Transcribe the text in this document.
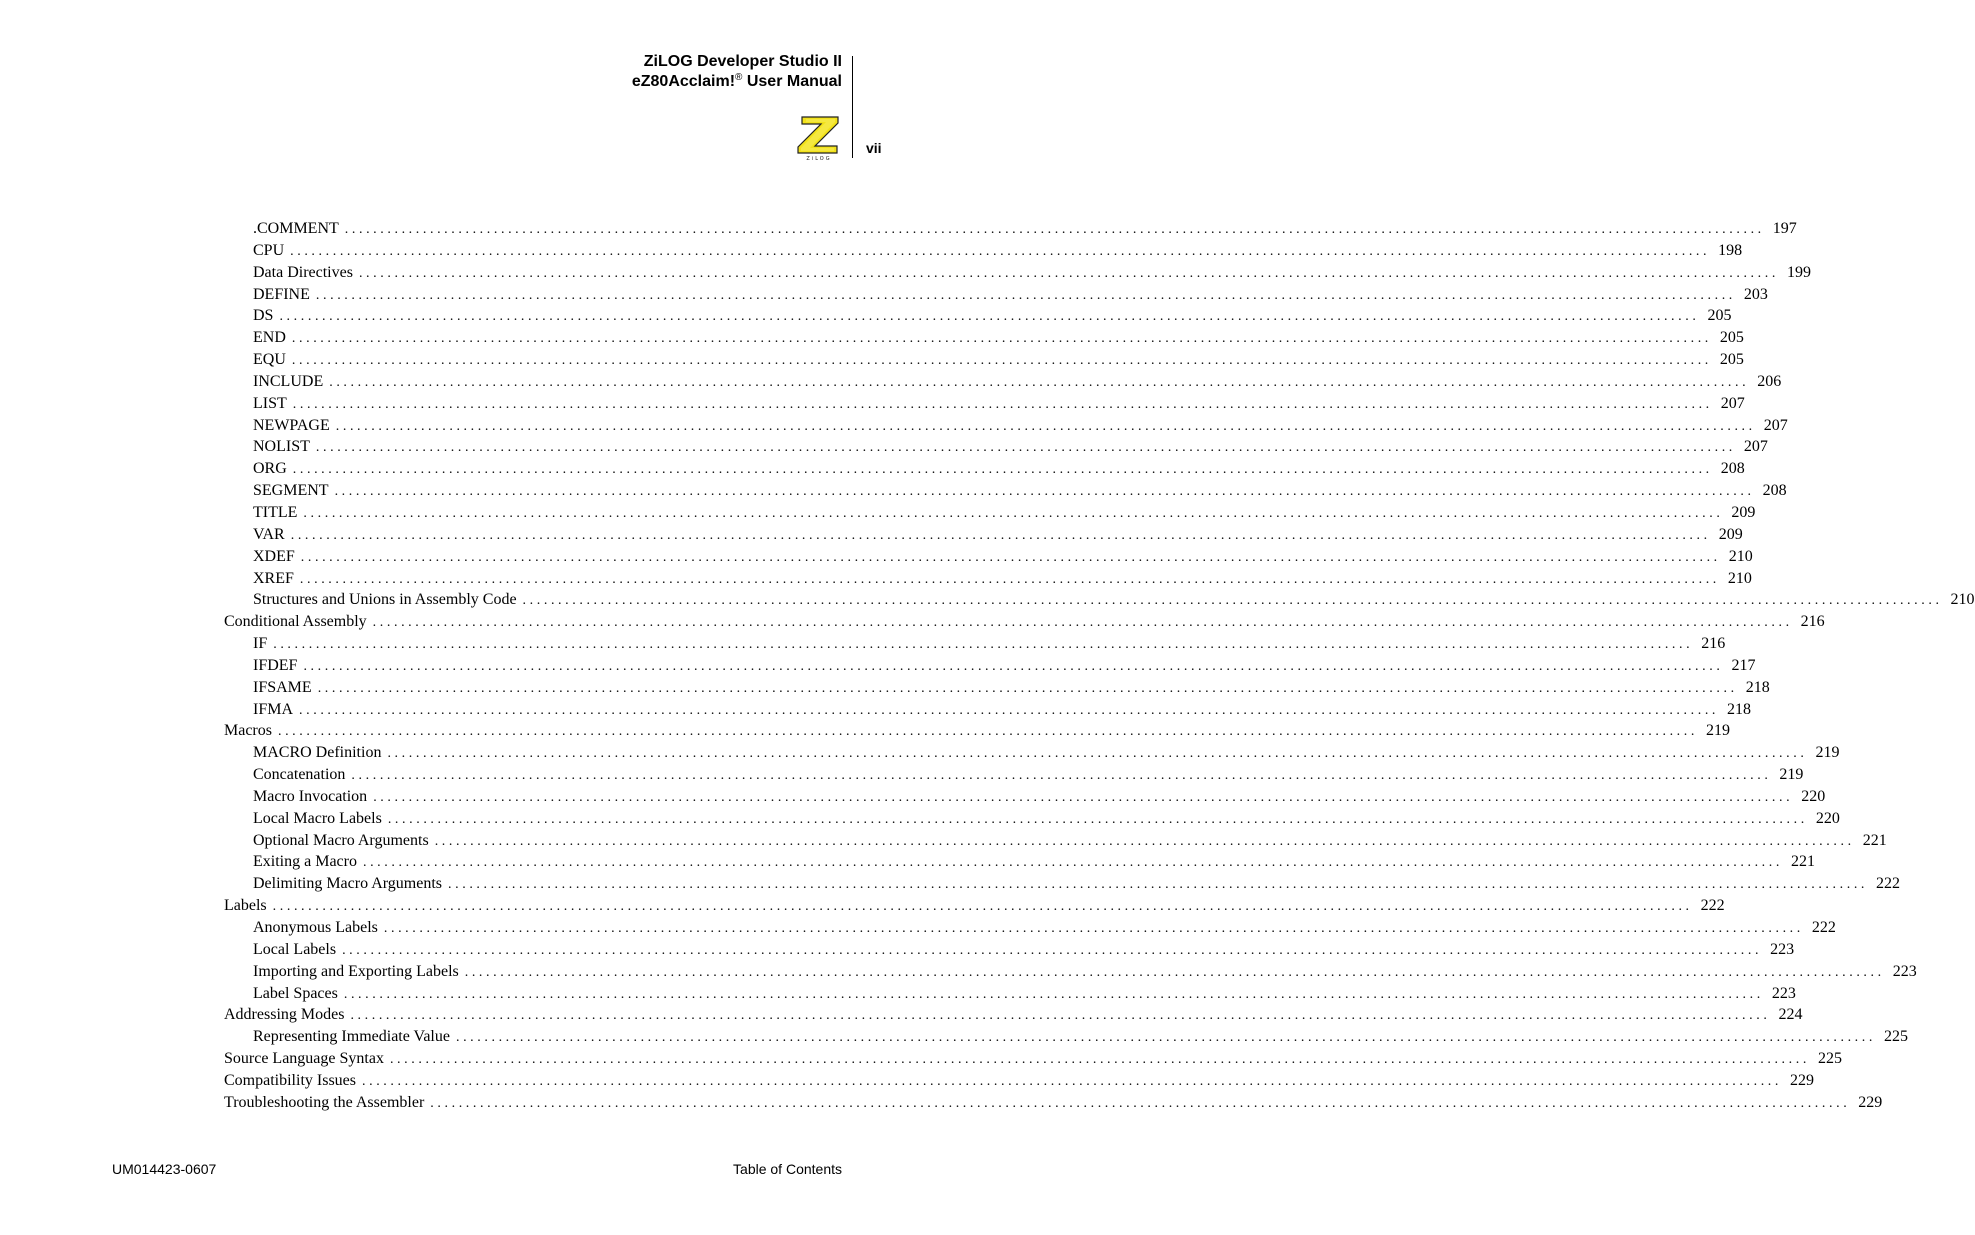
ZiLOG Developer Studio II
eZ80Acclaim!® User Manual
ZiLOG
vii
.COMMENT ........................................................................................................................................................................................................ 197
CPU ........................................................................................................................................................................................................ 198
Data Directives ........................................................................................................................................................................................................ 199
DEFINE ........................................................................................................................................................................................................ 203
DS ........................................................................................................................................................................................................ 205
END ........................................................................................................................................................................................................ 205
EQU ........................................................................................................................................................................................................ 205
INCLUDE ........................................................................................................................................................................................................ 206
LIST ........................................................................................................................................................................................................ 207
NEWPAGE ........................................................................................................................................................................................................ 207
NOLIST ........................................................................................................................................................................................................ 207
ORG ........................................................................................................................................................................................................ 208
SEGMENT ........................................................................................................................................................................................................ 208
TITLE ........................................................................................................................................................................................................ 209
VAR ........................................................................................................................................................................................................ 209
XDEF ........................................................................................................................................................................................................ 210
XREF ........................................................................................................................................................................................................ 210
Structures and Unions in Assembly Code ........................................................................................................................................................................................................ 210
Conditional Assembly ........................................................................................................................................................................................................ 216
IF ........................................................................................................................................................................................................ 216
IFDEF ........................................................................................................................................................................................................ 217
IFSAME ........................................................................................................................................................................................................ 218
IFMA ........................................................................................................................................................................................................ 218
Macros ........................................................................................................................................................................................................ 219
MACRO Definition ........................................................................................................................................................................................................ 219
Concatenation ........................................................................................................................................................................................................ 219
Macro Invocation ........................................................................................................................................................................................................ 220
Local Macro Labels ........................................................................................................................................................................................................ 220
Optional Macro Arguments ........................................................................................................................................................................................................ 221
Exiting a Macro ........................................................................................................................................................................................................ 221
Delimiting Macro Arguments ........................................................................................................................................................................................................ 222
Labels ........................................................................................................................................................................................................ 222
Anonymous Labels ........................................................................................................................................................................................................ 222
Local Labels ........................................................................................................................................................................................................ 223
Importing and Exporting Labels ........................................................................................................................................................................................................ 223
Label Spaces ........................................................................................................................................................................................................ 223
Addressing Modes ........................................................................................................................................................................................................ 224
Representing Immediate Value ........................................................................................................................................................................................................ 225
Source Language Syntax ........................................................................................................................................................................................................ 225
Compatibility Issues ........................................................................................................................................................................................................ 229
Troubleshooting the Assembler ........................................................................................................................................................................................................ 229
UM014423-0607	Table of Contents
